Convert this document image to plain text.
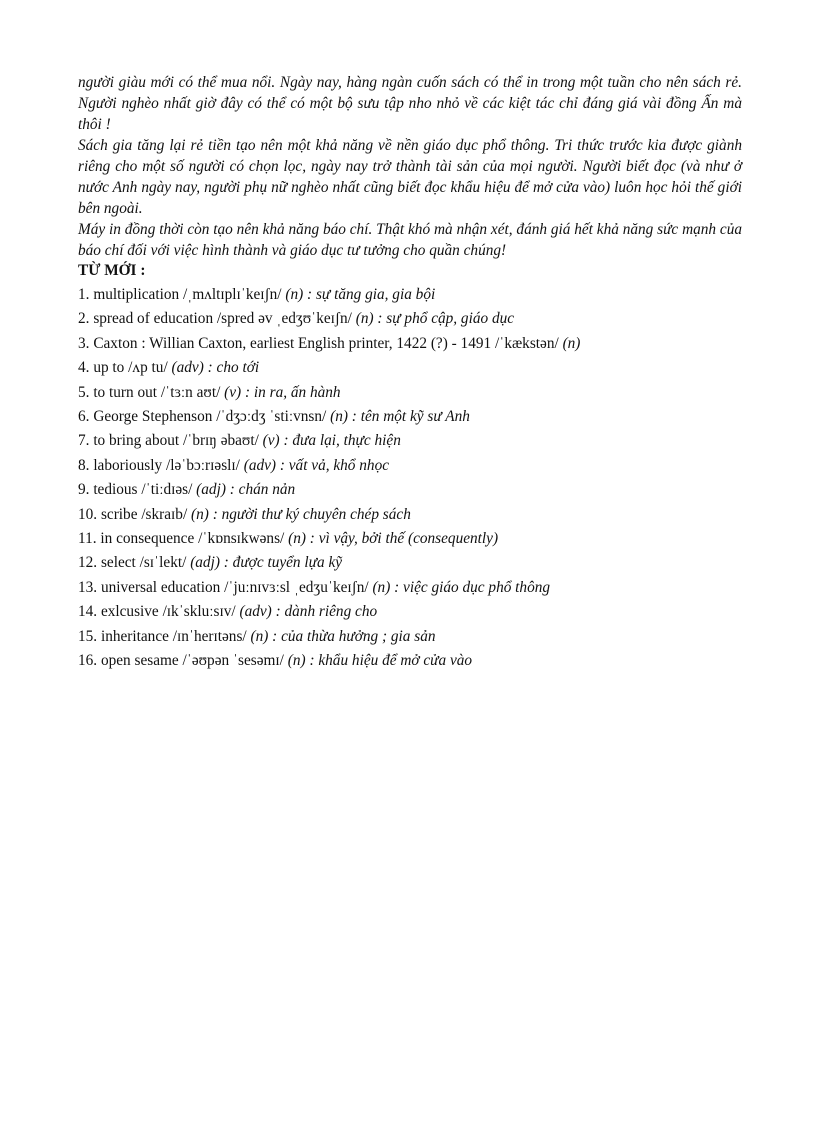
người giàu mới có thể mua nổi. Ngày nay, hàng ngàn cuốn sách có thể in trong một tuần cho nên sách rẻ. Người nghèo nhất giờ đây có thể có một bộ sưu tập nho nhỏ về các kiệt tác chỉ đáng giá vài đồng Ấn mà thôi !

Sách gia tăng lại rẻ tiền tạo nên một khả năng về nền giáo dục phổ thông. Tri thức trước kia được giành riêng cho một số người có chọn lọc, ngày nay trở thành tài sản của mọi người. Người biết đọc (và như ở nước Anh ngày nay, người phụ nữ nghèo nhất cũng biết đọc khẩu hiệu để mở cửa vào) luôn học hỏi thế giới bên ngoài.

Máy in đồng thời còn tạo nên khả năng báo chí. Thật khó mà nhận xét, đánh giá hết khả năng sức mạnh của báo chí đối với việc hình thành và giáo dục tư tưởng cho quần chúng!

TỪ MỚI :
1. multiplication /ˌmʌltɪplɪˈkeɪʃn/ (n) : sự tăng gia, gia bội
2. spread of education /spred əv ˌedʒʊˈkeɪʃn/ (n) : sự phổ cập, giáo dục
3. Caxton : Willian Caxton, earliest English printer, 1422 (?) - 1491 /ˈkækstən/ (n)
4. up to /ʌp tu/ (adv) : cho tới
5. to turn out /ˈtɜːn aʊt/ (v) : in ra, ấn hành
6. George Stephenson /ˈdʒɔːdʒ ˈstiːvnsn/ (n) : tên một kỹ sư Anh
7. to bring about /ˈbrɪŋ əbaʊt/ (v) : đưa lại, thực hiện
8. laboriously /ləˈbɔːrɪəslɪ/ (adv) : vất vả, khổ nhọc
9. tedious /ˈtiːdɪəs/ (adj) : chán nản
10. scribe /skraɪb/ (n) : người thư ký chuyên chép sách
11. in consequence /ˈkɒnsɪkwəns/ (n) : vì vậy, bởi thế (consequently)
12. select /sɪˈlekt/ (adj) : được tuyển lựa kỹ
13. universal education /ˈjuːnɪvɜːsl ˌedʒuˈkeɪʃn/ (n) : việc giáo dục phổ thông
14. exlcusive /ɪkˈskluːsɪv/ (adv) : dành riêng cho
15. inheritance /ɪnˈherɪtəns/ (n) : của thừa hưởng ; gia sản
16. open sesame /ˈəʊpən ˈsesəmɪ/ (n) : khẩu hiệu để mở cửa vào
